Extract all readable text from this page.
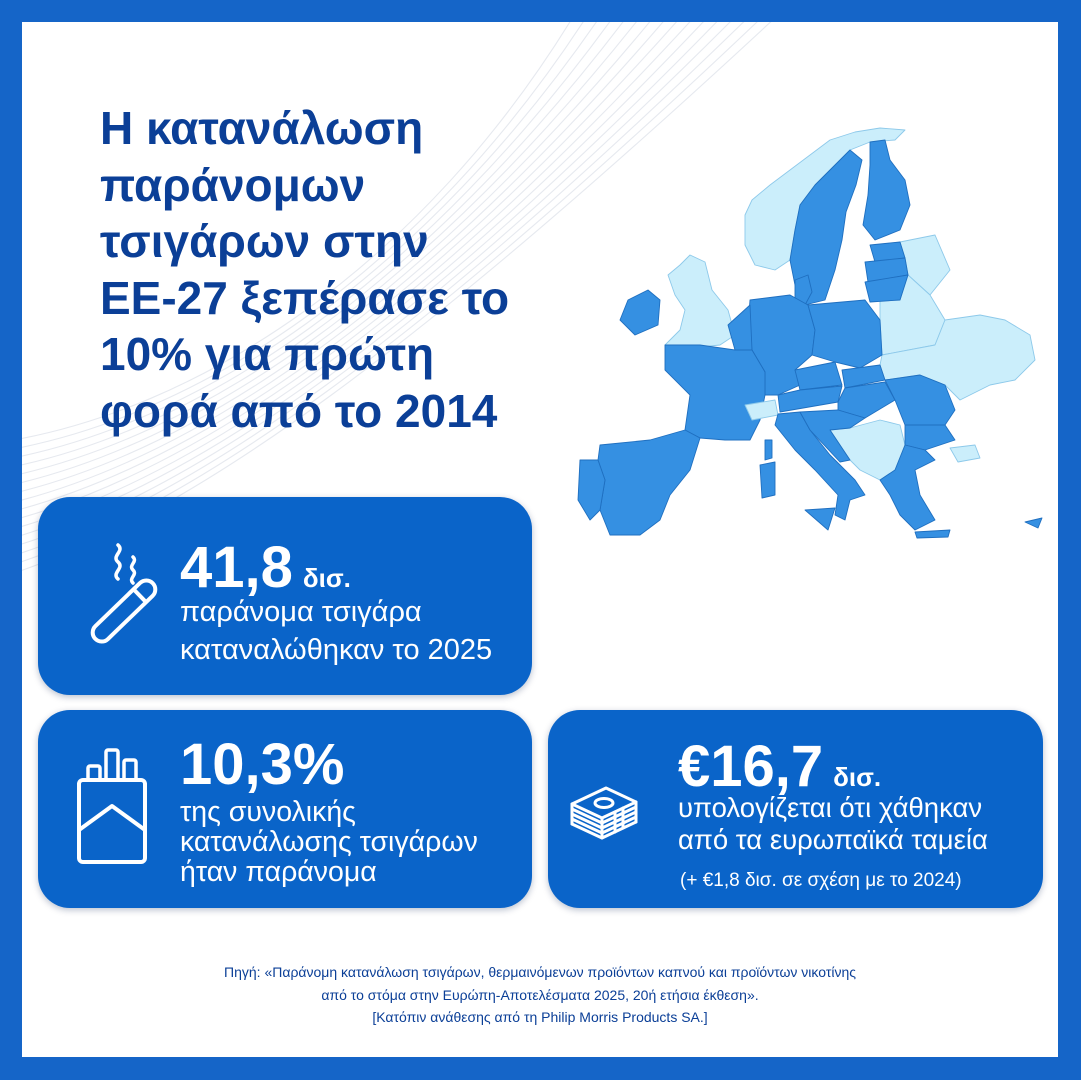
Η κατανάλωση
παράνομων
τσιγάρων στην
ΕΕ-27 ξεπέρασε το
10% για πρώτη
φορά από το 2014
41,8 δισ.
παράνομα τσιγάρα
καταναλώθηκαν το 2025
10,3%
της συνολικής
κατανάλωσης τσιγάρων
ήταν παράνομα
€16,7 δισ.
υπολογίζεται ότι χάθηκαν
από τα ευρωπαϊκά ταμεία
(+ €1,8 δισ. σε σχέση με το 2024)
Πηγή: «Παράνομη κατανάλωση τσιγάρων, θερμαινόμενων προϊόντων καπνού και προϊόντων νικοτίνης
από το στόμα στην Ευρώπη-Αποτελέσματα 2025, 20ή ετήσια έκθεση».
[Κατόπιν ανάθεσης από τη Philip Morris Products SA.]
